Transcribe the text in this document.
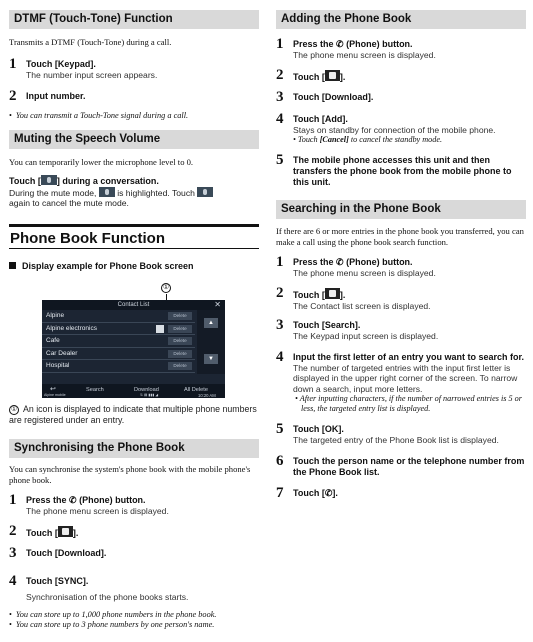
DTMF (Touch-Tone) Function
Transmits a DTMF (Touch-Tone) during a call.
1	Touch [Keypad].
The number input screen appears.
2	Input number.
• You can transmit a Touch-Tone signal during a call.
Muting the Speech Volume
You can temporarily lower the microphone level to 0.
Touch [ ] during a conversation.
During the mute mode,  is highlighted. Touch
again to cancel the mute mode.
Phone Book Function
Display example for Phone Book screen
①
Contact List	✕
Alpine	Delete
Alpine electronics	Delete
Cafe	Delete
Car Dealer	Delete
Hospital	Delete
▲
▼
↩	Search	Download	All Delete
Alpine mobile	⇅ ▤ ▮▮▮ ◢	10:20 AM
① An icon is displayed to indicate that multiple phone numbers are registered under an entry.
Synchronising the Phone Book
You can synchronise the system's phone book with the mobile phone's phone book.
1	Press the ✆ (Phone) button.
The phone menu screen is displayed.
2	Touch [ ].
3	Touch [Download].
4	Touch [SYNC].
Synchronisation of the phone books starts.
• You can store up to 1,000 phone numbers in the phone book.
• You can store up to 3 phone numbers by one person's name.
Adding the Phone Book
1	Press the ✆ (Phone) button.
The phone menu screen is displayed.
2	Touch [ ].
3	Touch [Download].
4	Touch [Add].
Stays on standby for connection of the mobile phone.
• Touch [Cancel] to cancel the standby mode.
5	The mobile phone accesses this unit and then transfers the phone book from the mobile phone to this unit.
Searching in the Phone Book
If there are 6 or more entries in the phone book you transferred, you can make a call using the phone book search function.
1	Press the ✆ (Phone) button.
The phone menu screen is displayed.
2	Touch [ ].
The Contact list screen is displayed.
3	Touch [Search].
The Keypad input screen is displayed.
4	Input the first letter of an entry you want to search for.
The number of targeted entries with the input first letter is displayed in the upper right corner of the screen. To narrow down a search, input more letters.
• After inputting characters, if the number of narrowed entries is 5 or less, the targeted entry list is displayed.
5	Touch [OK].
The targeted entry of the Phone Book list is displayed.
6	Touch the person name or the telephone number from the Phone Book list.
7	Touch [✆].
